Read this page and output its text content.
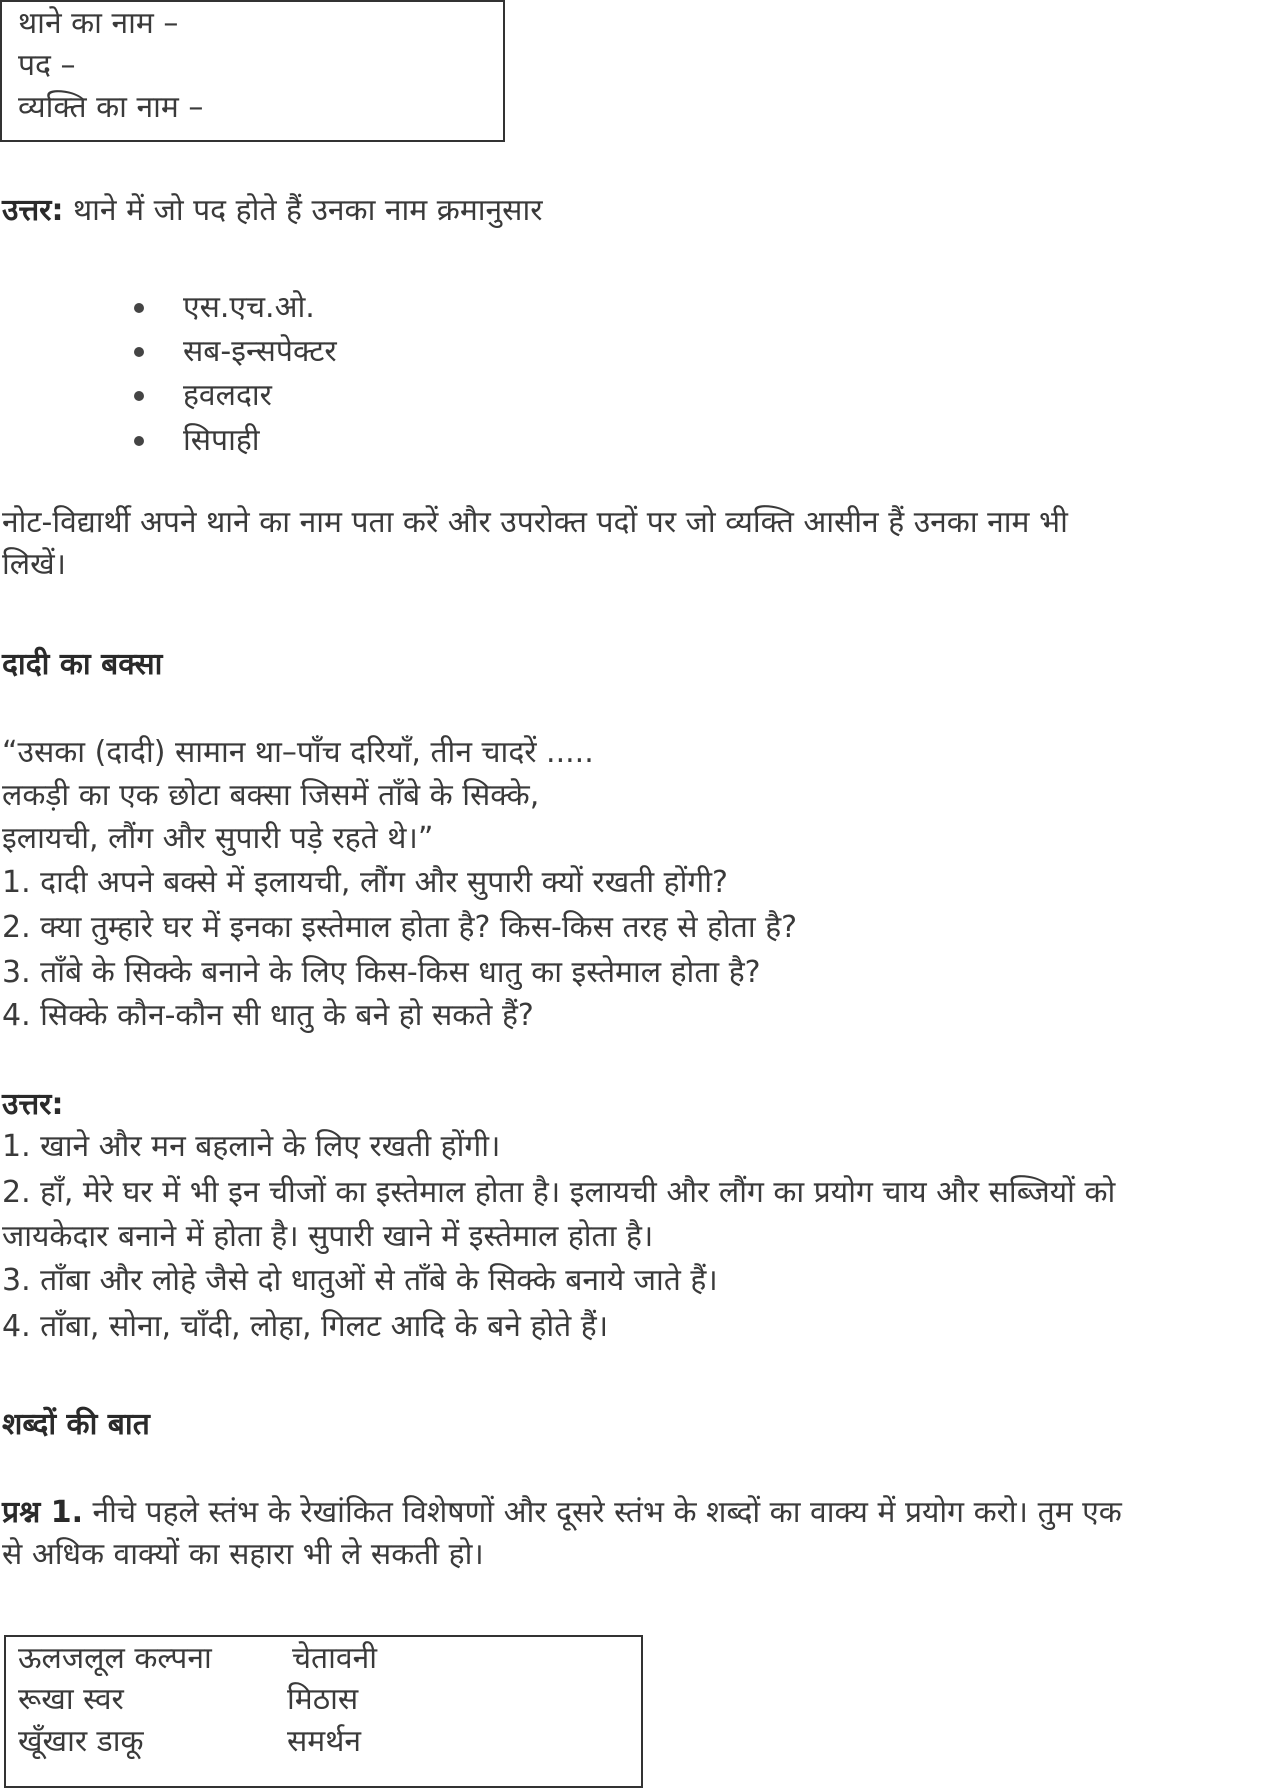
थाने का नाम –
पद –
व्यक्ति का नाम –
उत्तर: थाने में जो पद होते हैं उनका नाम क्रमानुसार
एस.एच.ओ.
सब-इन्सपेक्टर
हवलदार
सिपाही
नोट-विद्यार्थी अपने थाने का नाम पता करें और उपरोक्त पदों पर जो व्यक्ति आसीन हैं उनका नाम भी
लिखें।
दादी का बक्सा
“उसका (दादी) सामान था–पाँच दरियाँ, तीन चादरें .....
लकड़ी का एक छोटा बक्सा जिसमें ताँबे के सिक्के,
इलायची, लौंग और सुपारी पड़े रहते थे।”
1. दादी अपने बक्से में इलायची, लौंग और सुपारी क्यों रखती होंगी?
2. क्या तुम्हारे घर में इनका इस्तेमाल होता है? किस-किस तरह से होता है?
3. ताँबे के सिक्के बनाने के लिए किस-किस धातु का इस्तेमाल होता है?
4. सिक्के कौन-कौन सी धातु के बने हो सकते हैं?
उत्तर:
1. खाने और मन बहलाने के लिए रखती होंगी।
2. हाँ, मेरे घर में भी इन चीजों का इस्तेमाल होता है। इलायची और लौंग का प्रयोग चाय और सब्जियों को
जायकेदार बनाने में होता है। सुपारी खाने में इस्तेमाल होता है।
3. ताँबा और लोहे जैसे दो धातुओं से ताँबे के सिक्के बनाये जाते हैं।
4. ताँबा, सोना, चाँदी, लोहा, गिलट आदि के बने होते हैं।
शब्दों की बात
प्रश्न 1. नीचे पहले स्तंभ के रेखांकित विशेषणों और दूसरे स्तंभ के शब्दों का वाक्य में प्रयोग करो। तुम एक
से अधिक वाक्यों का सहारा भी ले सकती हो।
ऊलजलूल कल्पना	चेतावनी
रूखा स्वर	मिठास
खूँखार डाकू	समर्थन
